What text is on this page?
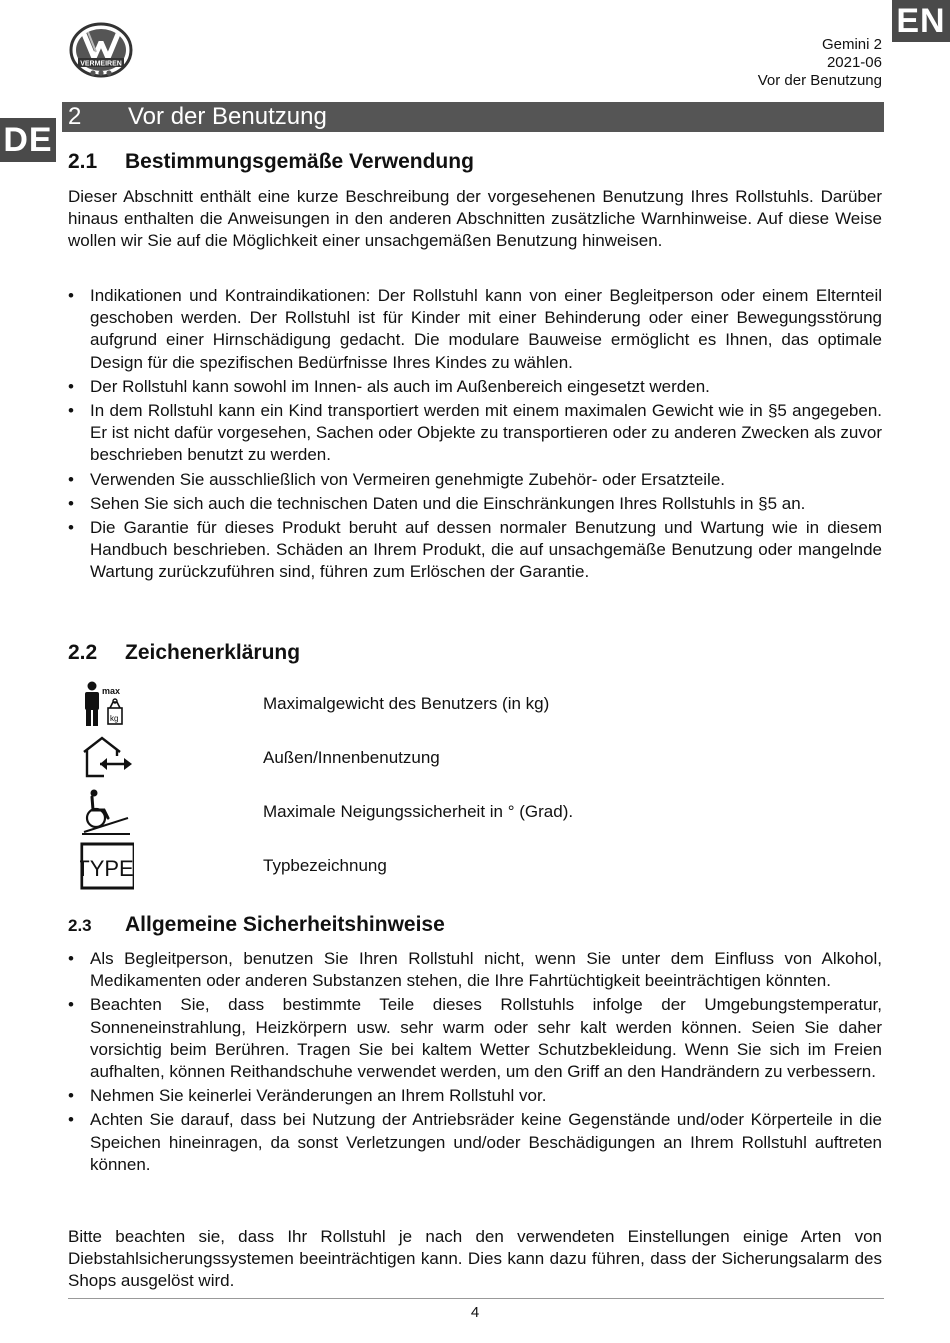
EN
DE
VERMEIREN
Gemini 2
2021-06
Vor der Benutzung
2	Vor der Benutzung
2.1	Bestimmungsgemäße Verwendung

Dieser Abschnitt enthält eine kurze Beschreibung der vorgesehenen Benutzung Ihres Rollstuhls. Darüber hinaus enthalten die Anweisungen in den anderen Abschnitten zusätzliche Warnhinweise. Auf diese Weise wollen wir Sie auf die Möglichkeit einer unsachgemäßen Benutzung hinweisen.

• Indikationen und Kontraindikationen: Der Rollstuhl kann von einer Begleitperson oder einem Elternteil geschoben werden. Der Rollstuhl ist für Kinder mit einer Behinderung oder einer Bewegungsstörung aufgrund einer Hirnschädigung gedacht. Die modulare Bauweise ermöglicht es Ihnen, das optimale Design für die spezifischen Bedürfnisse Ihres Kindes zu wählen.
• Der Rollstuhl kann sowohl im Innen- als auch im Außenbereich eingesetzt werden.
• In dem Rollstuhl kann ein Kind transportiert werden mit einem maximalen Gewicht wie in §5 angegeben. Er ist nicht dafür vorgesehen, Sachen oder Objekte zu transportieren oder zu anderen Zwecken als zuvor beschrieben benutzt zu werden.
• Verwenden Sie ausschließlich von Vermeiren genehmigte Zubehör- oder Ersatzteile.
• Sehen Sie sich auch die technischen Daten und die Einschränkungen Ihres Rollstuhls in §5 an.
• Die Garantie für dieses Produkt beruht auf dessen normaler Benutzung und Wartung wie in diesem Handbuch beschrieben. Schäden an Ihrem Produkt, die auf unsachgemäße Benutzung oder mangelnde Wartung zurückzuführen sind, führen zum Erlöschen der Garantie.
2.2	Zeichenerklärung
max
kg
Maximalgewicht des Benutzers (in kg)
Außen/Innenbenutzung
Maximale Neigungssicherheit in ° (Grad).
TYPE	Typbezeichnung
2.3	Allgemeine Sicherheitshinweise
• Als Begleitperson, benutzen Sie Ihren Rollstuhl nicht, wenn Sie unter dem Einfluss von Alkohol, Medikamenten oder anderen Substanzen stehen, die Ihre Fahrtüchtigkeit beeinträchtigen könnten.
• Beachten Sie, dass bestimmte Teile dieses Rollstuhls infolge der Umgebungstemperatur, Sonneneinstrahlung, Heizkörpern usw. sehr warm oder sehr kalt werden können. Seien Sie daher vorsichtig beim Berühren. Tragen Sie bei kaltem Wetter Schutzbekleidung. Wenn Sie sich im Freien aufhalten, können Reithandschuhe verwendet werden, um den Griff an den Handrändern zu verbessern.
• Nehmen Sie keinerlei Veränderungen an Ihrem Rollstuhl vor.
• Achten Sie darauf, dass bei Nutzung der Antriebsräder keine Gegenstände und/oder Körperteile in die Speichen hineinragen, da sonst Verletzungen und/oder Beschädigungen an Ihrem Rollstuhl auftreten können.

Bitte beachten sie, dass Ihr Rollstuhl je nach den verwendeten Einstellungen einige Arten von Diebstahlsicherungssystemen beeinträchtigen kann. Dies kann dazu führen, dass der Sicherungsalarm des Shops ausgelöst wird.

4
